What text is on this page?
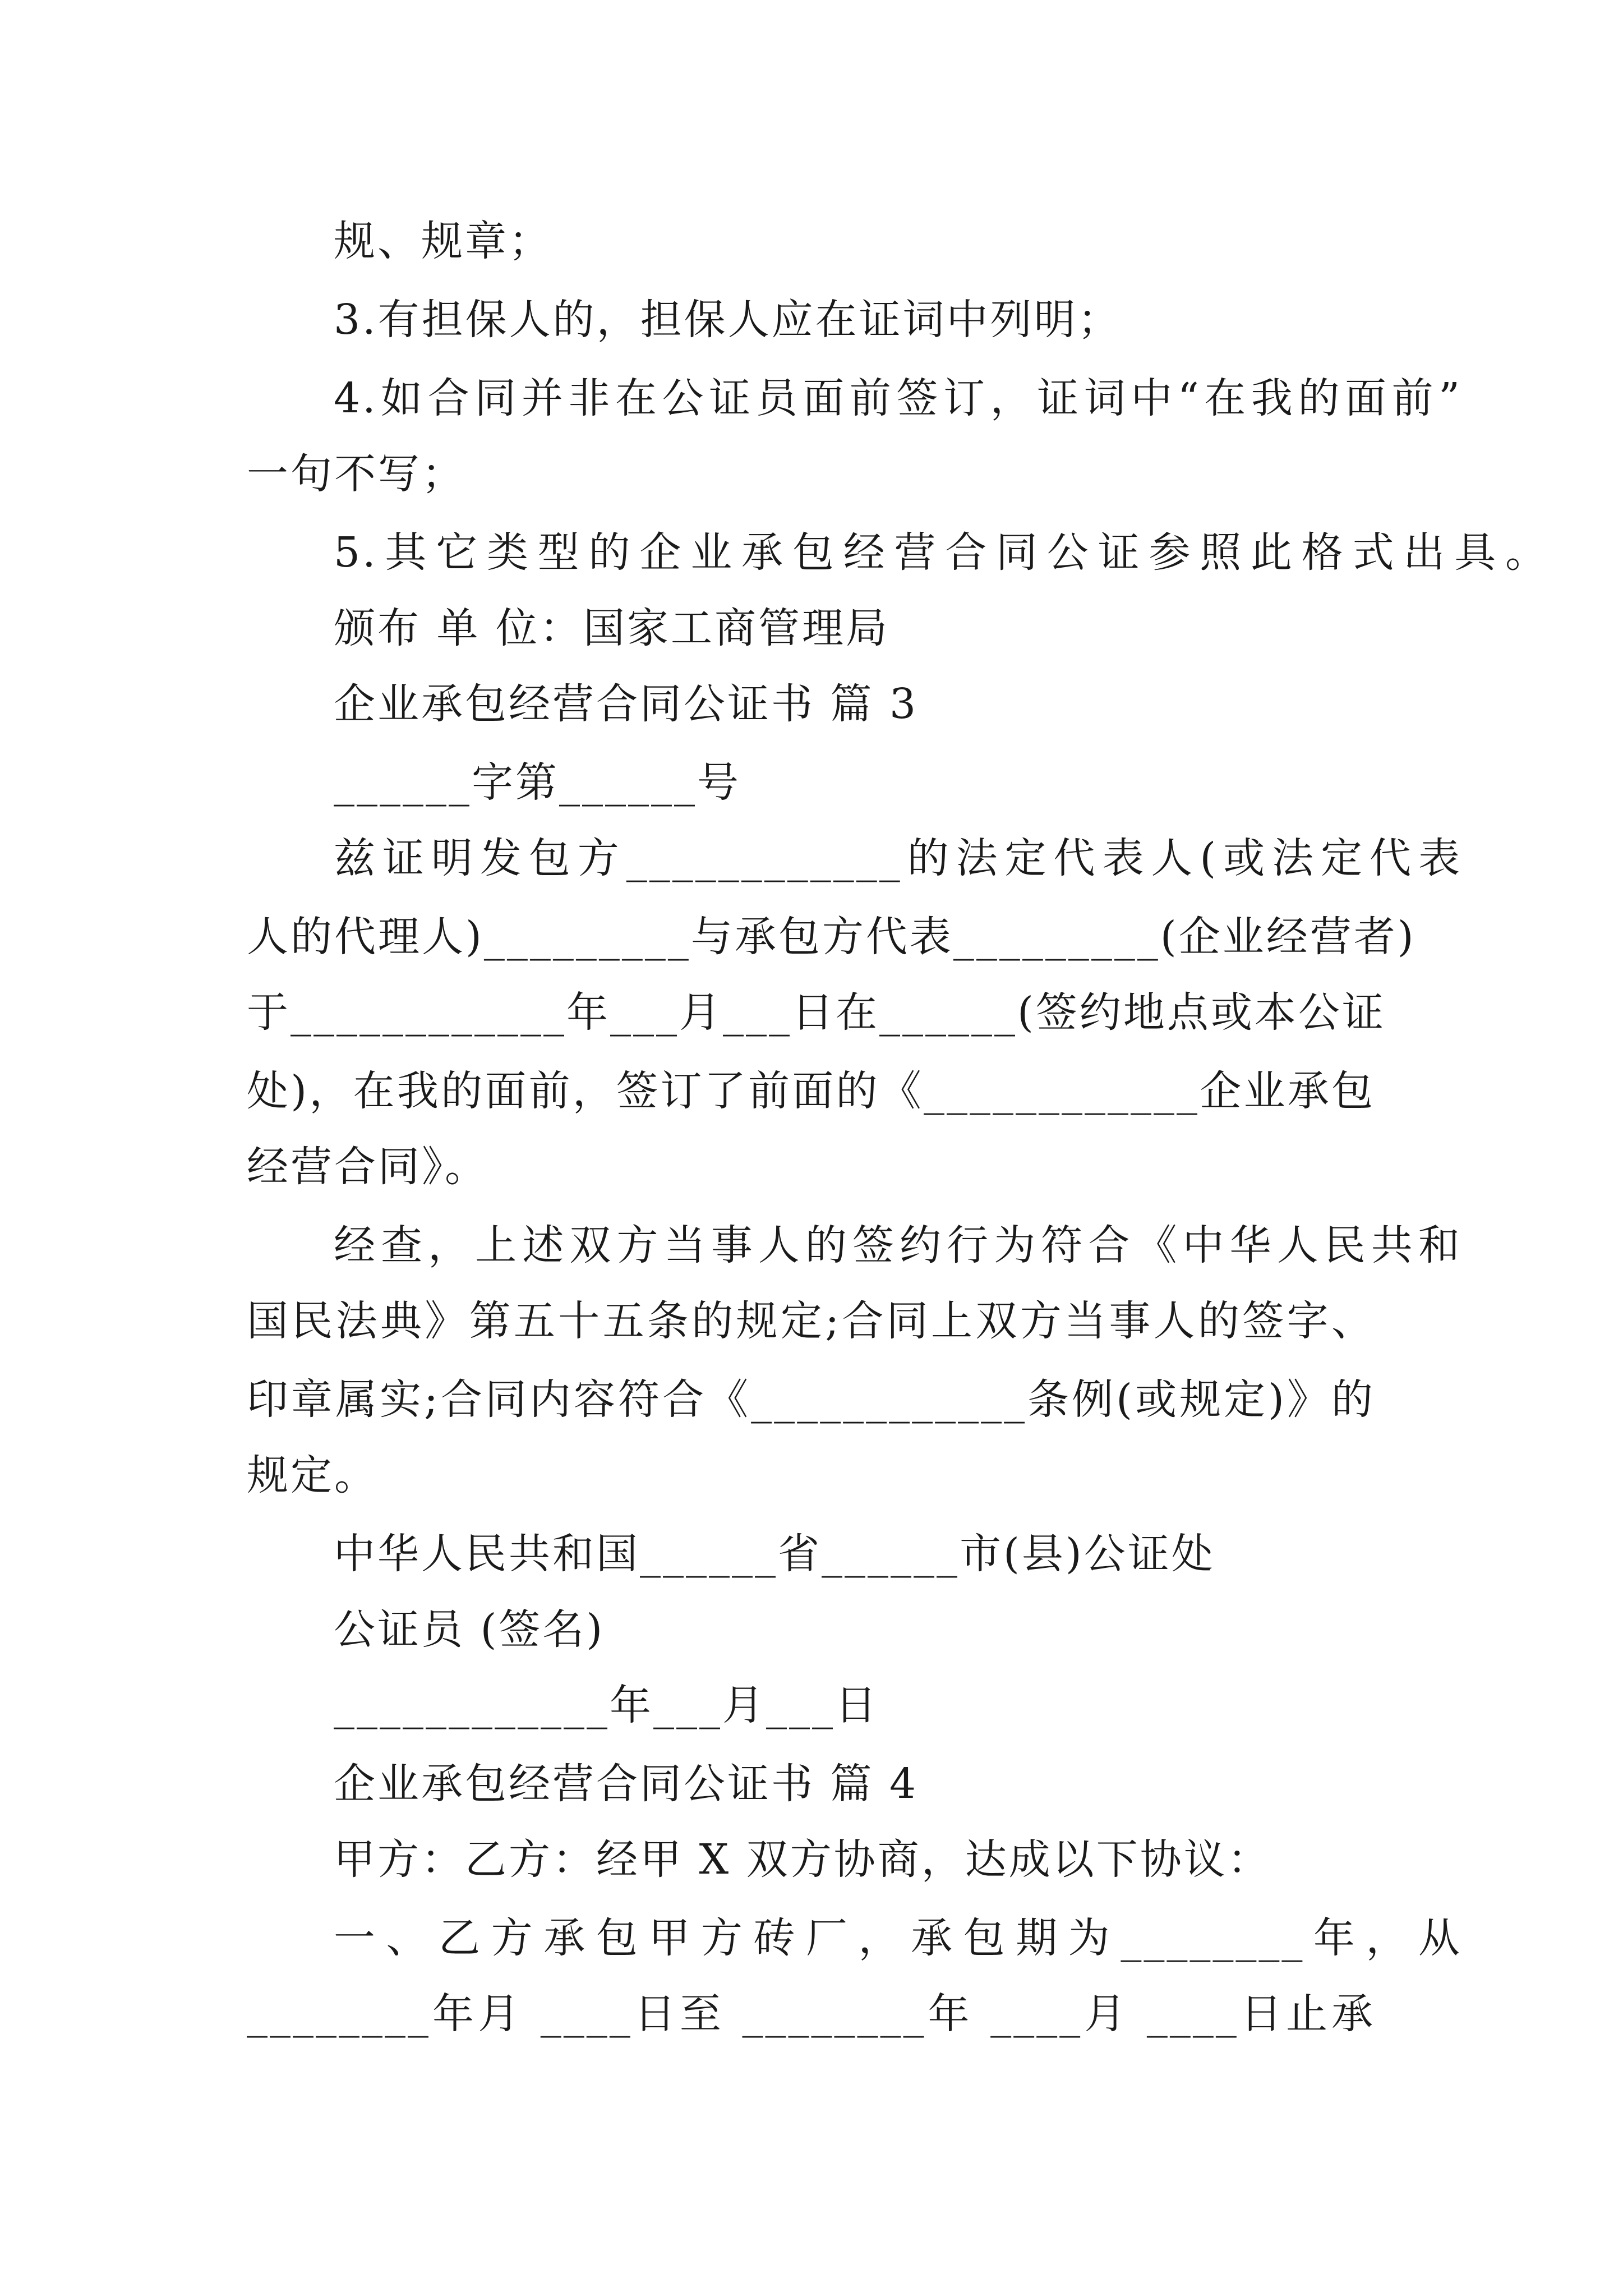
规、规章；

3.有担保人的，担保人应在证词中列明；

4.如合同并非在公证员面前签订，证词中“在我的面前”

一句不写；

5.其它类型的企业承包经营合同公证参照此格式出具。

颁布 单 位：国家工商管理局

企业承包经营合同公证书 篇 3

______字第______号

兹证明发包方____________的法定代表人(或法定代表

人的代理人)_________与承包方代表_________(企业经营者)

于____________年___月___日在______(签约地点或本公证

处)，在我的面前，签订了前面的《____________企业承包

经营合同》。

经查，上述双方当事人的签约行为符合《中华人民共和

国民法典》第五十五条的规定;合同上双方当事人的签字、

印章属实;合同内容符合《____________条例(或规定)》的

规定。

中华人民共和国______省______市(县)公证处

公证员 (签名)

____________年___月___日

企业承包经营合同公证书 篇 4

甲方：乙方：经甲 X 双方协商，达成以下协议：

一、乙方承包甲方砖厂，承包期为________年，从

________年月 ____日至 ________年 ____月 ____日止承
